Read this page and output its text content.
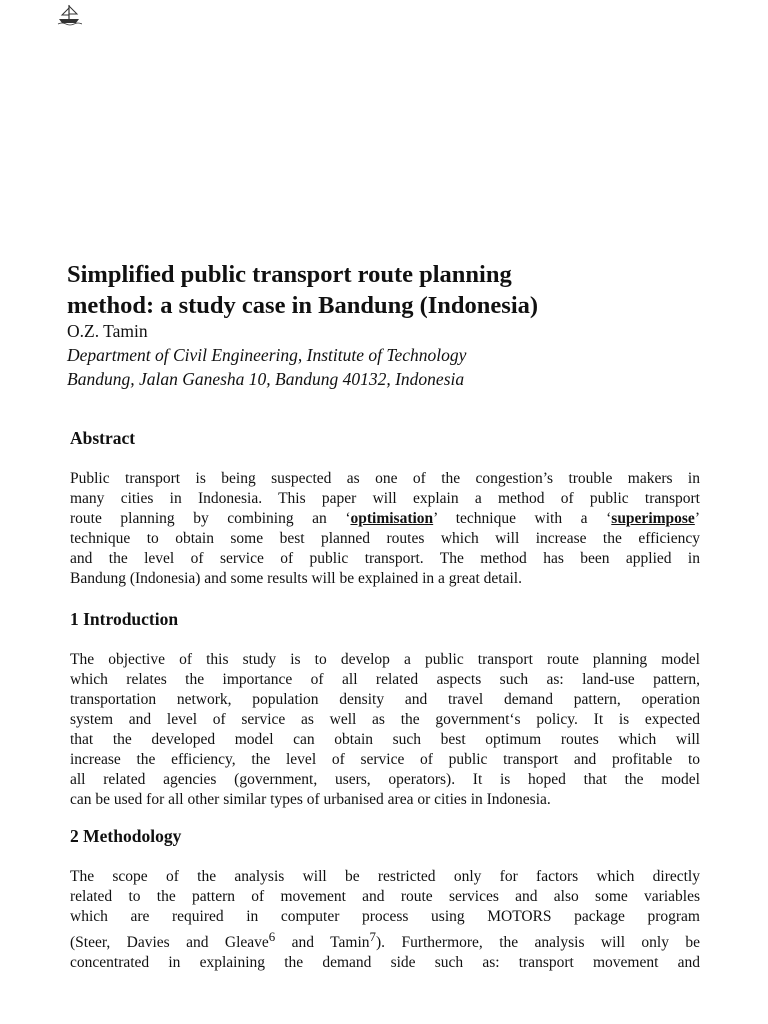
Simplified public transport route planning
method: a study case in Bandung (Indonesia)
O.Z. Tamin
Department of Civil Engineering, Institute of Technology
Bandung, Jalan Ganesha 10, Bandung 40132, Indonesia
Abstract
Public transport is being suspected as one of the congestion’s trouble makers in
many cities in Indonesia. This paper will explain a method of public transport
route planning by combining an ‘optimisation’ technique with a ‘superimpose’
technique to obtain some best planned routes which will increase the efficiency
and the level of service of public transport. The method has been applied in
Bandung (Indonesia) and some results will be explained in a great detail.
1 Introduction
The objective of this study is to develop a public transport route planning model
which relates the importance of all related aspects such as: land-use pattern,
transportation network, population density and travel demand pattern, operation
system and level of service as well as the government‘s policy. It is expected
that the developed model can obtain such best optimum routes which will
increase the efficiency, the level of service of public transport and profitable to
all related agencies (government, users, operators). It is hoped that the model
can be used for all other similar types of urbanised area or cities in Indonesia.
2 Methodology
The scope of the analysis will be restricted only for factors which directly
related to the pattern of movement and route services and also some variables
which are required in computer process using MOTORS package program
(Steer, Davies and Gleave$^6$ and Tamin$^7$). Furthermore, the analysis will only be
concentrated in explaining the demand side such as: transport movement and
